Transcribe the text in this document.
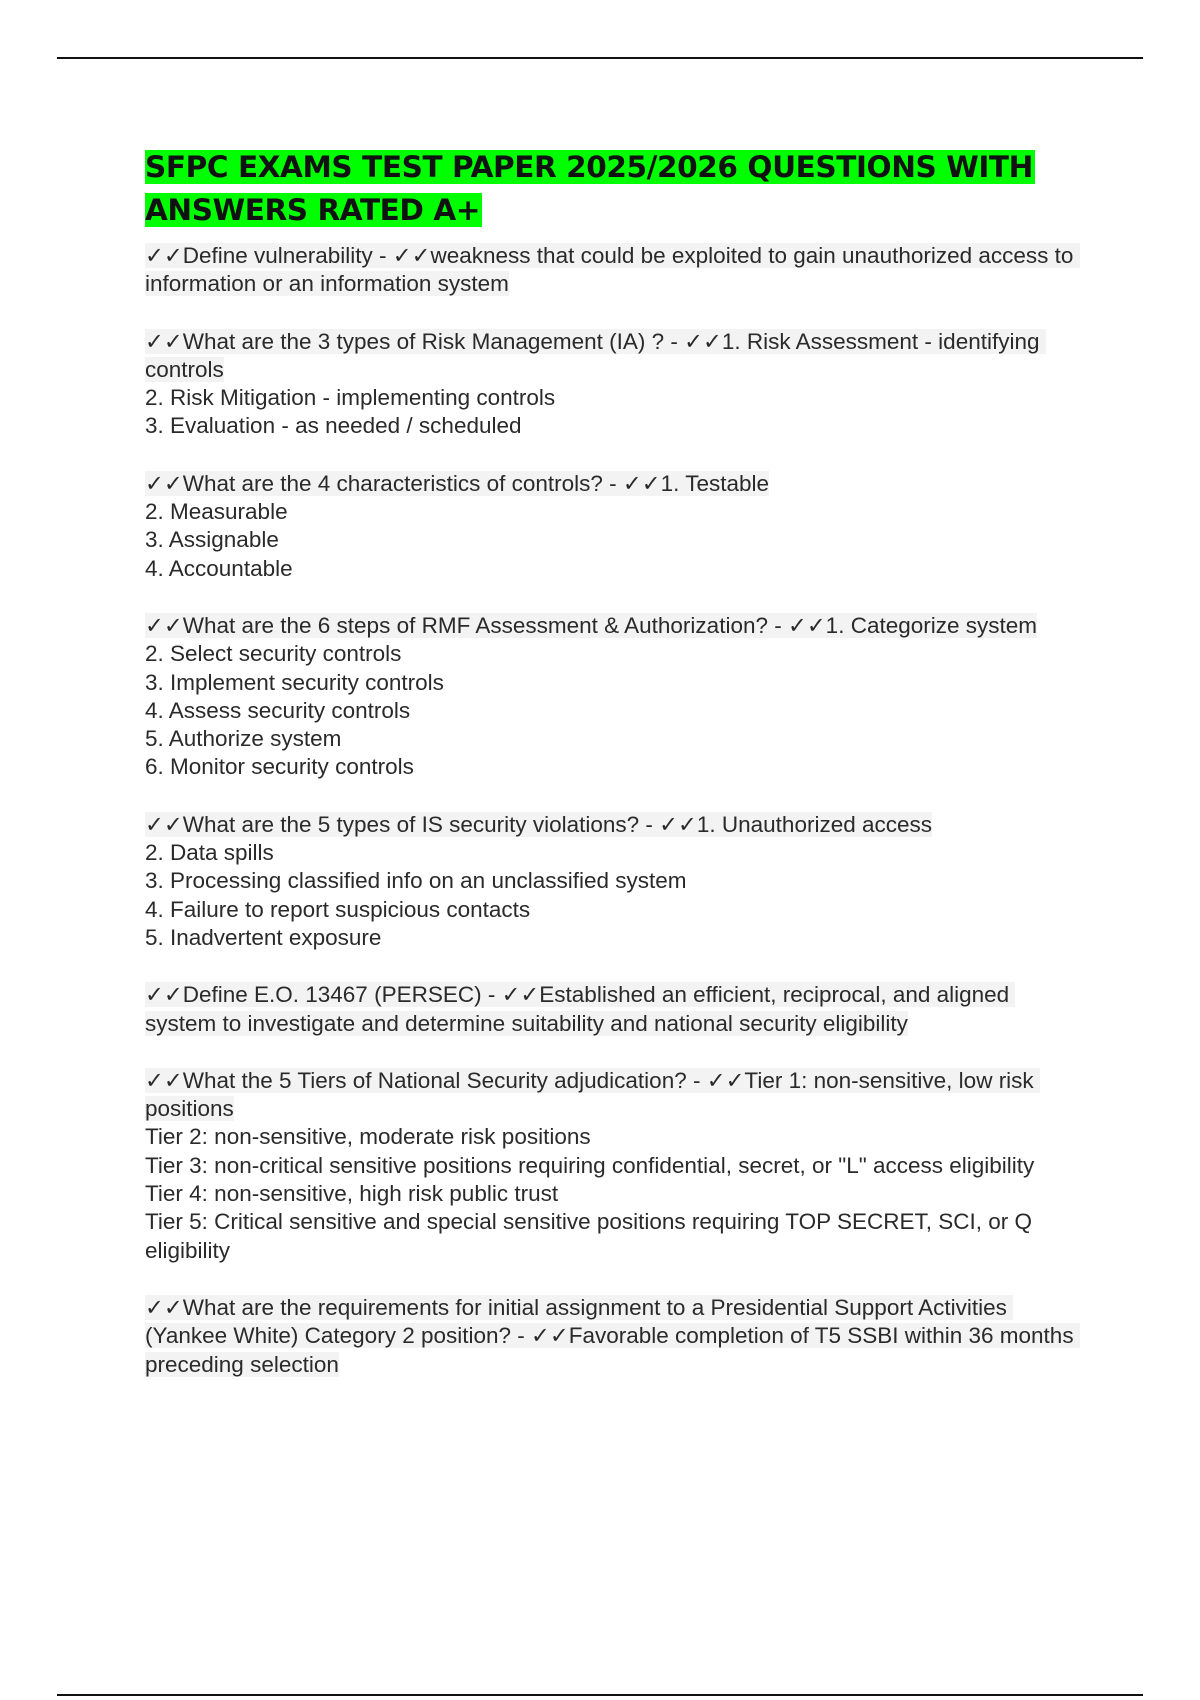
SFPC EXAMS TEST PAPER 2025/2026 QUESTIONS WITH
ANSWERS RATED A+
✓✓Define vulnerability - ✓✓weakness that could be exploited to gain unauthorized access to information or an information system
✓✓What are the 3 types of Risk Management (IA) ? - ✓✓1. Risk Assessment - identifying controls
2. Risk Mitigation - implementing controls
3. Evaluation - as needed / scheduled
✓✓What are the 4 characteristics of controls? - ✓✓1. Testable
2. Measurable
3. Assignable
4. Accountable
✓✓What are the 6 steps of RMF Assessment & Authorization? - ✓✓1. Categorize system
2. Select security controls
3. Implement security controls
4. Assess security controls
5. Authorize system
6. Monitor security controls
✓✓What are the 5 types of IS security violations? - ✓✓1. Unauthorized access
2. Data spills
3. Processing classified info on an unclassified system
4. Failure to report suspicious contacts
5. Inadvertent exposure
✓✓Define E.O. 13467 (PERSEC) - ✓✓Established an efficient, reciprocal, and aligned system to investigate and determine suitability and national security eligibility
✓✓What the 5 Tiers of National Security adjudication? - ✓✓Tier 1: non-sensitive, low risk positions
Tier 2: non-sensitive, moderate risk positions
Tier 3: non-critical sensitive positions requiring confidential, secret, or "L" access eligibility
Tier 4: non-sensitive, high risk public trust
Tier 5: Critical sensitive and special sensitive positions requiring TOP SECRET, SCI, or Q eligibility
✓✓What are the requirements for initial assignment to a Presidential Support Activities (Yankee White) Category 2 position? - ✓✓Favorable completion of T5 SSBI within 36 months preceding selection
